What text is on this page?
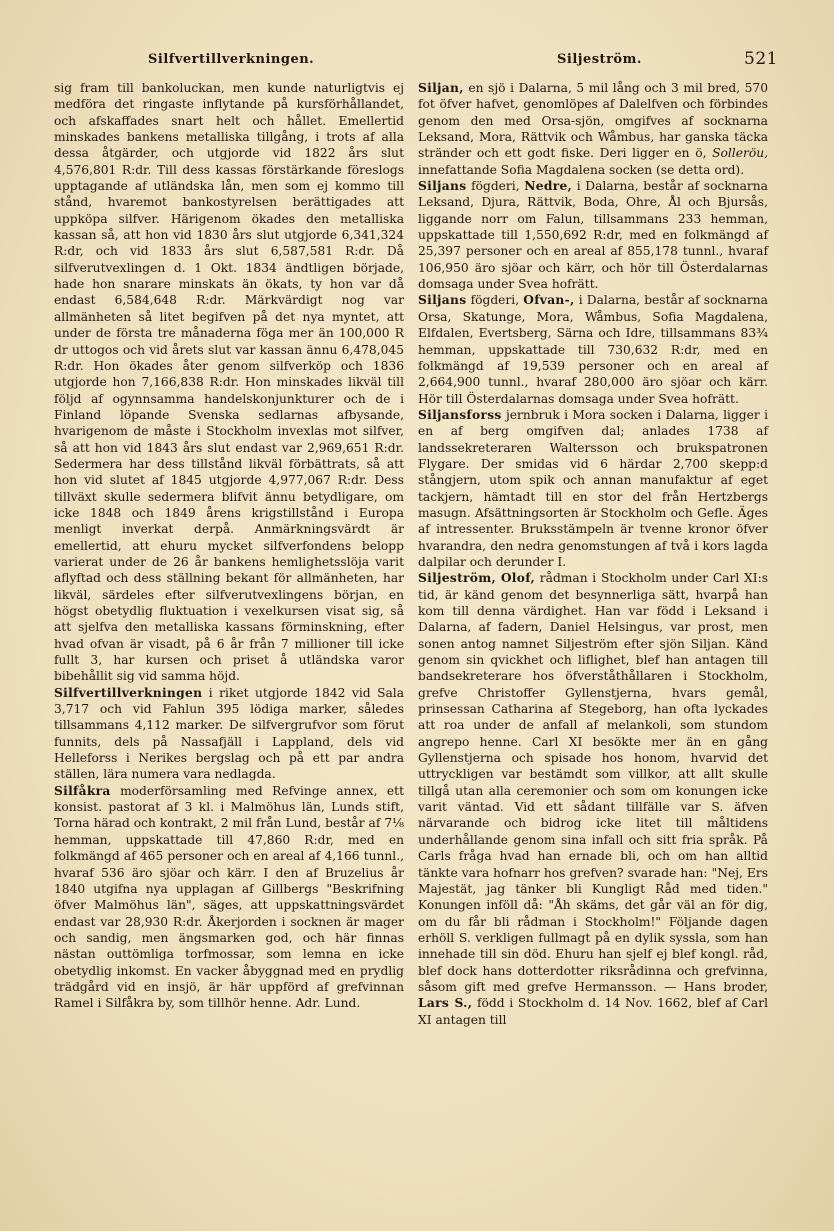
Silfvertillverkningen.	Siljeström.	521

sig fram till bankoluckan, men kunde naturligtvis ej medföra det ringaste inflytande på kursförhållandet, och afskaffades snart helt och hållet. Emellertid minskades bankens metalliska tillgång, i trots af alla dessa åtgärder, och utgjorde vid 1822 års slut 4,576,801 R:dr. Till dess kassas förstärkande föreslogs upptagande af utländska lån, men som ej kommo till stånd, hvaremot bankostyrelsen berättigades att uppköpa silfver. Härigenom ökades den metalliska kassan så, att hon vid 1830 års slut utgjorde 6,341,324 R:dr, och vid 1833 års slut 6,587,581 R:dr. Då silfverutvexlingen d. 1 Okt. 1834 ändtligen började, hade hon snarare minskats än ökats, ty hon var då endast 6,584,648 R:dr. Märkvärdigt nog var allmänheten så litet begifven på det nya myntet, att under de första tre månaderna föga mer än 100,000 R dr uttogos och vid årets slut var kassan ännu 6,478,045 R:dr. Hon ökades åter genom silfverköp och 1836 utgjorde hon 7,166,838 R:dr. Hon minskades likväl till följd af ogynnsamma handelskonjunkturer och de i Finland löpande Svenska sedlarnas afbysande, hvarigenom de måste i Stockholm invexlas mot silfver, så att hon vid 1843 års slut endast var 2,969,651 R:dr. Sedermera har dess tillstånd likväl förbättrats, så att hon vid slutet af 1845 utgjorde 4,977,067 R:dr. Dess tillväxt skulle sedermera blifvit ännu betydligare, om icke 1848 och 1849 årens krigstillstånd i Europa menligt inverkat derpå. Anmärkningsvärdt är emellertid, att ehuru mycket silfverfondens belopp varierat under de 26 år bankens hemlighetsslöja varit aflyftad och dess ställning bekant för allmänheten, har likväl, särdeles efter silfverutvexlingens början, en högst obetydlig fluktuation i vexelkursen visat sig, så att sjelfva den metalliska kassans förminskning, efter hvad ofvan är visadt, på 6 år från 7 millioner till icke fullt 3, har kursen och priset å utländska varor bibehållit sig vid samma höjd.

Silfvertillverkningen i riket utgjorde 1842 vid Sala 3,717 och vid Fahlun 395 lödiga marker, således tillsammans 4,112 marker. De silfvergrufvor som förut funnits, dels på Nassafjäll i Lappland, dels vid Helleforss i Nerikes bergslag och på ett par andra ställen, lära numera vara nedlagda.

Silfåkra moderförsamling med Refvinge annex, ett konsist. pastorat af 3 kl. i Malmöhus län, Lunds stift, Torna härad och kontrakt, 2 mil från Lund, består af 7⅛ hemman, uppskattade till 47,860 R:dr, med en folkmängd af 465 personer och en areal af 4,166 tunnl., hvaraf 536 äro sjöar och kärr. I den af Bruzelius år 1840 utgifna nya upplagan af Gillbergs "Beskrifning öfver Malmöhus län", säges, att uppskattningsvärdet endast var 28,930 R:dr. Åkerjorden i socknen är mager och sandig, men ängsmarken god, och här finnas nästan outtömliga torfmossar, som lemna en icke obetydlig inkomst. En vacker åbyggnad med en prydlig trädgård vid en insjö, är här uppförd af grefvinnan Ramel i Silfåkra by, som tillhör henne. Adr. Lund.

Siljan, en sjö i Dalarna, 5 mil lång och 3 mil bred, 570 fot öfver hafvet, genomlöpes af Dalelfven och förbindes genom den med Orsa-sjön, omgifves af socknarna Leksand, Mora, Rättvik och Wåmbus, har ganska täcka stränder och ett godt fiske. Deri ligger en ö, Solleröu, innefattande Sofia Magdalena socken (se detta ord).

Siljans fögderi, Nedre, i Dalarna, består af socknarna Leksand, Djura, Rättvik, Boda, Ohre, Ål och Bjursås, liggande norr om Falun, tillsammans 233 hemman, uppskattade till 1,550,692 R:dr, med en folkmängd af 25,397 personer och en areal af 855,178 tunnl., hvaraf 106,950 äro sjöar och kärr, och hör till Österdalarnas domsaga under Svea hofrätt.

Siljans fögderi, Ofvan-, i Dalarna, består af socknarna Orsa, Skatunge, Mora, Wåmbus, Sofia Magdalena, Elfdalen, Evertsberg, Särna och Idre, tillsammans 83¾ hemman, uppskattade till 730,632 R:dr, med en folkmängd af 19,539 personer och en areal af 2,664,900 tunnl., hvaraf 280,000 äro sjöar och kärr. Hör till Österdalarnas domsaga under Svea hofrätt.

Siljansforss jernbruk i Mora socken i Dalarna, ligger i en af berg omgifven dal; anlades 1738 af landssekreteraren Waltersson och brukspatronen Flygare. Der smidas vid 6 härdar 2,700 skepp:d stångjern, utom spik och annan manufaktur af eget tackjern, hämtadt till en stor del från Hertzbergs masugn. Afsättningsorten är Stockholm och Gefle. Äges af intressenter. Bruksstämpeln är tvenne kronor öfver hvarandra, den nedra genomstungen af två i kors lagda dalpilar och derunder I.

Siljeström, Olof, rådman i Stockholm under Carl XI:s tid, är känd genom det besynnerliga sätt, hvarpå han kom till denna värdighet. Han var född i Leksand i Dalarna, af fadern, Daniel Helsingus, var prost, men sonen antog namnet Siljeström efter sjön Siljan. Känd genom sin qvickhet och liflighet, blef han antagen till bandsekreterare hos öfverståthållaren i Stockholm, grefve Christoffer Gyllenstjerna, hvars gemål, prinsessan Catharina af Stegeborg, han ofta lyckades att roa under de anfall af melankoli, som stundom angrepo henne. Carl XI besökte mer än en gång Gyllenstjerna och spisade hos honom, hvarvid det uttryckligen var bestämdt som villkor, att allt skulle tillgå utan alla ceremonier och som om konungen icke varit väntad. Vid ett sådant tillfälle var S. äfven närvarande och bidrog icke litet till måltidens underhållande genom sina infall och sitt fria språk. På Carls fråga hvad han ernade bli, och om han alltid tänkte vara hofnarr hos grefven? svarade han: "Nej, Ers Majestät, jag tänker bli Kungligt Råd med tiden." Konungen inföll då: "Åh skäms, det går väl an för dig, om du får bli rådman i Stockholm!" Följande dagen erhöll S. verkligen fullmagt på en dylik syssla, som han innehade till sin död. Ehuru han sjelf ej blef kongl. råd, blef dock hans dotterdotter riksrådinna och grefvinna, såsom gift med grefve Hermansson. — Hans broder, Lars S., född i Stockholm d. 14 Nov. 1662, blef af Carl XI antagen till
